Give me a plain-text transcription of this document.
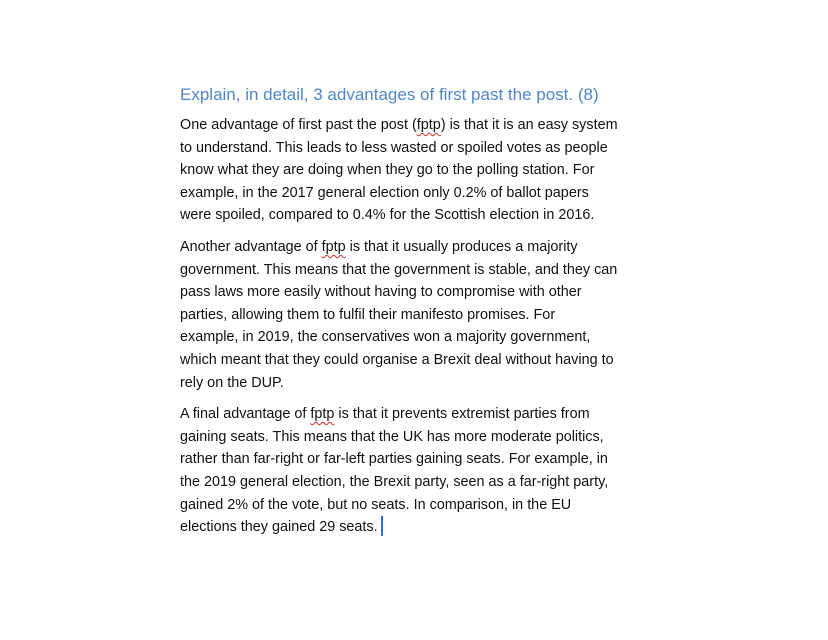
Explain, in detail, 3 advantages of first past the post. (8)

One advantage of first past the post (fptp) is that it is an easy system
to understand. This leads to less wasted or spoiled votes as people
know what they are doing when they go to the polling station. For
example, in the 2017 general election only 0.2% of ballot papers
were spoiled, compared to 0.4% for the Scottish election in 2016.

Another advantage of fptp is that it usually produces a majority
government. This means that the government is stable, and they can
pass laws more easily without having to compromise with other
parties, allowing them to fulfil their manifesto promises. For
example, in 2019, the conservatives won a majority government,
which meant that they could organise a Brexit deal without having to
rely on the DUP.

A final advantage of fptp is that it prevents extremist parties from
gaining seats. This means that the UK has more moderate politics,
rather than far-right or far-left parties gaining seats. For example, in
the 2019 general election, the Brexit party, seen as a far-right party,
gained 2% of the vote, but no seats. In comparison, in the EU
elections they gained 29 seats.
